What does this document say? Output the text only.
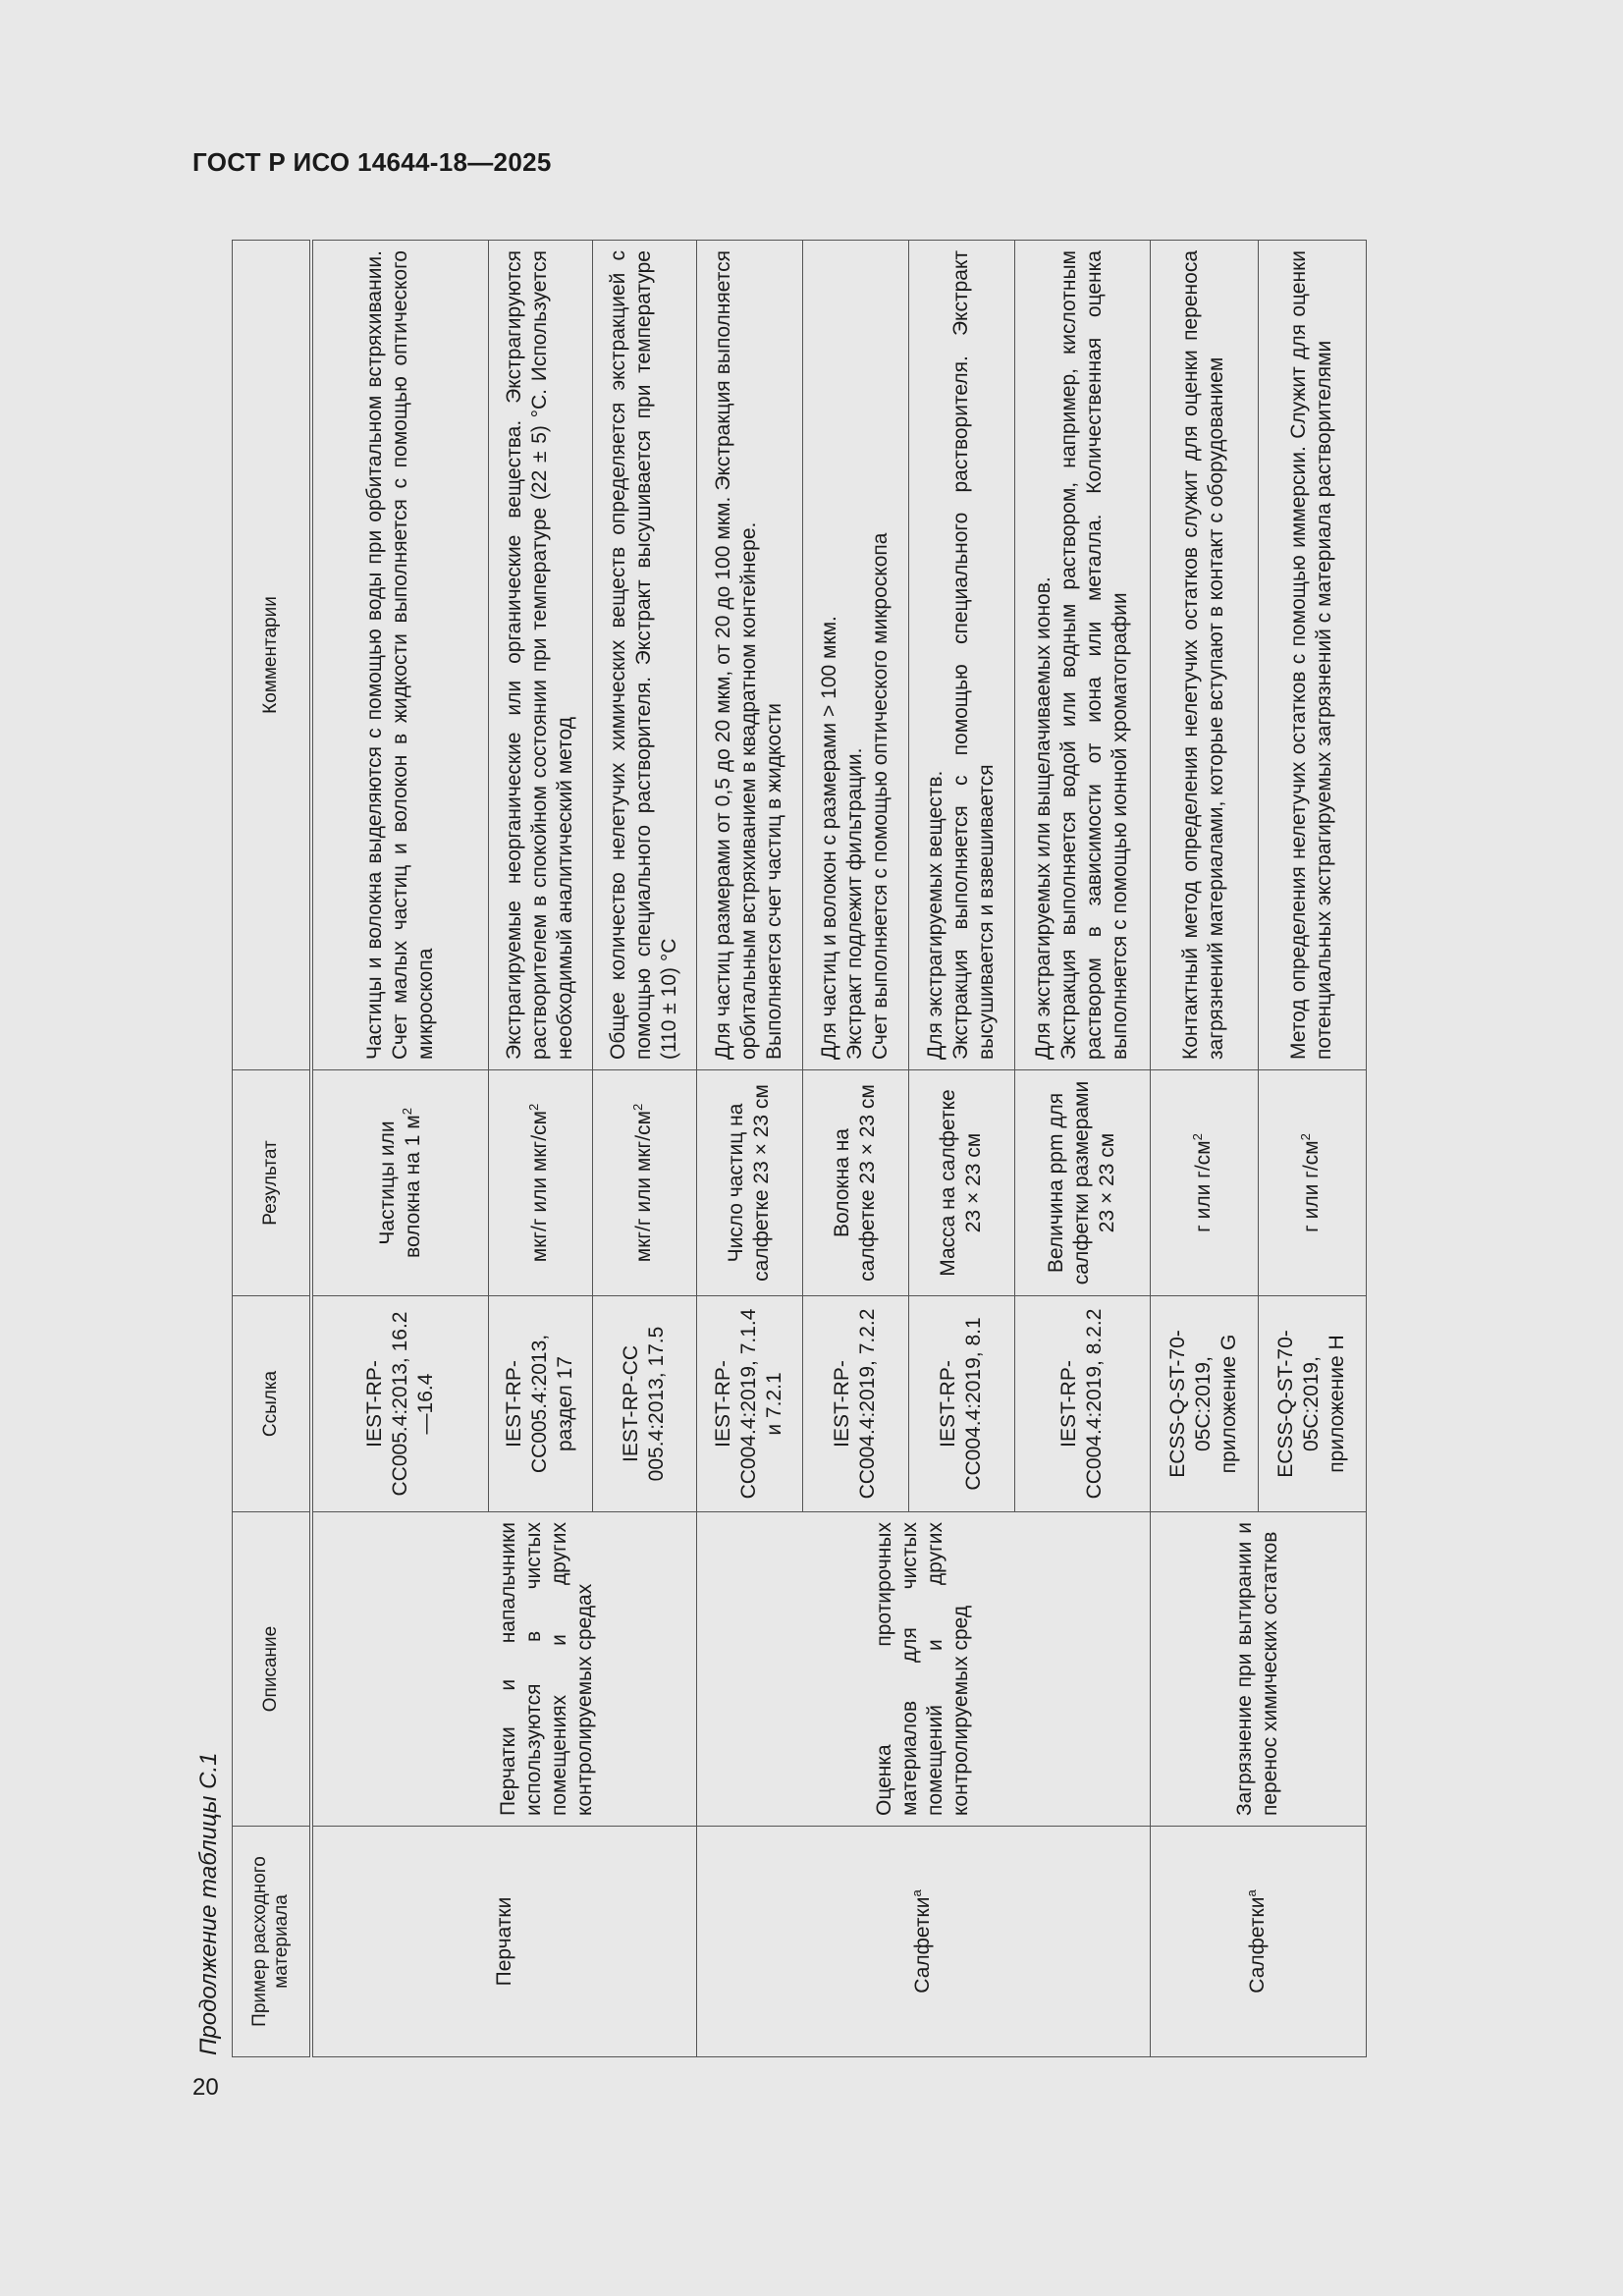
ГОСТ Р ИСО 14644-18—2025
20
Продолжение таблицы С.1	Пример расходного материала	Описание	Ссылка	Результат	Комментарии
Перчатки		IEST-RP-CC005.4:2013, 16.2—16.4	Частицы или волокна на 1 $м^2$	Частицы и волокна выделяются с помощью воды при орбитальном встряхивании. Счет малых частиц и волокон в жидкости выполняется с помощью оптического микроскопа

	Перчатки и напальчники используются в чистых помещениях и других контролируемых средах	IEST-RP-CC005.4:2013, раздел 17	мкг/г или мкг/$см^2$	Экстрагируемые неорганические или органические вещества. Экстрагируются растворителем в спокойном состоянии при температуре (22 ± 5) °С. Используется необходимый аналитический метод

		IEST-RP-CC 005.4:2013, 17.5	мкг/г или мкг/$см^2$	Общее количество нелетучих химических веществ определяется экстракцией с помощью специального растворителя. Экстракт высушивается при температуре (110 ± 10) °С

Салфетки$^a$	Оценка протирочных материалов для чистых помещений и других контролируемых сред	IEST-RP-CC004.4:2019, 7.1.4 и 7.2.1	Число частиц на салфетке 23 × 23 см	Для частиц размерами от 0,5 до 20 мкм, от 20 до 100 мкм. Экстракция выполняется орбитальным встряхиванием в квадратном контейнере. Выполняется счет частиц в жидкости

		IEST-RP-CC004.4:2019, 7.2.2	Волокна на салфетке 23 × 23 см	Для частиц и волокон с размерами > 100 мкм. Экстракт подлежит фильтрации. Счет выполняется с помощью оптического микроскопа

		IEST-RP-CC004.4:2019, 8.1	Масса на салфетке 23 × 23 см	Для экстрагируемых веществ. Экстракция выполняется с помощью специального растворителя. Экстракт высушивается и взвешивается

		IEST-RP-CC004.4:2019, 8.2.2	Величина ppm для салфетки размерами 23 × 23 см	Для экстрагируемых или выщелачиваемых ионов. Экстракция выполняется водой или водным раствором, например, кислотным раствором в зависимости от иона или металла. Количественная оценка выполняется с помощью ионной хроматографии

Салфетки$^a$	Загрязнение при вытирании и перенос химических остатков	ECSS-Q-ST-70-05C:2019, приложение G	г или $г/см^2$	Контактный метод определения нелетучих остатков служит для оценки переноса загрязнений материалами, которые вступают в контакт с оборудованием

		ECSS-Q-ST-70-05C:2019, приложение H	г или $г/см^2$	Метод определения нелетучих остатков с помощью иммерсии. Служит для оценки потенциальных экстрагируемых загрязнений с материала растворителями
